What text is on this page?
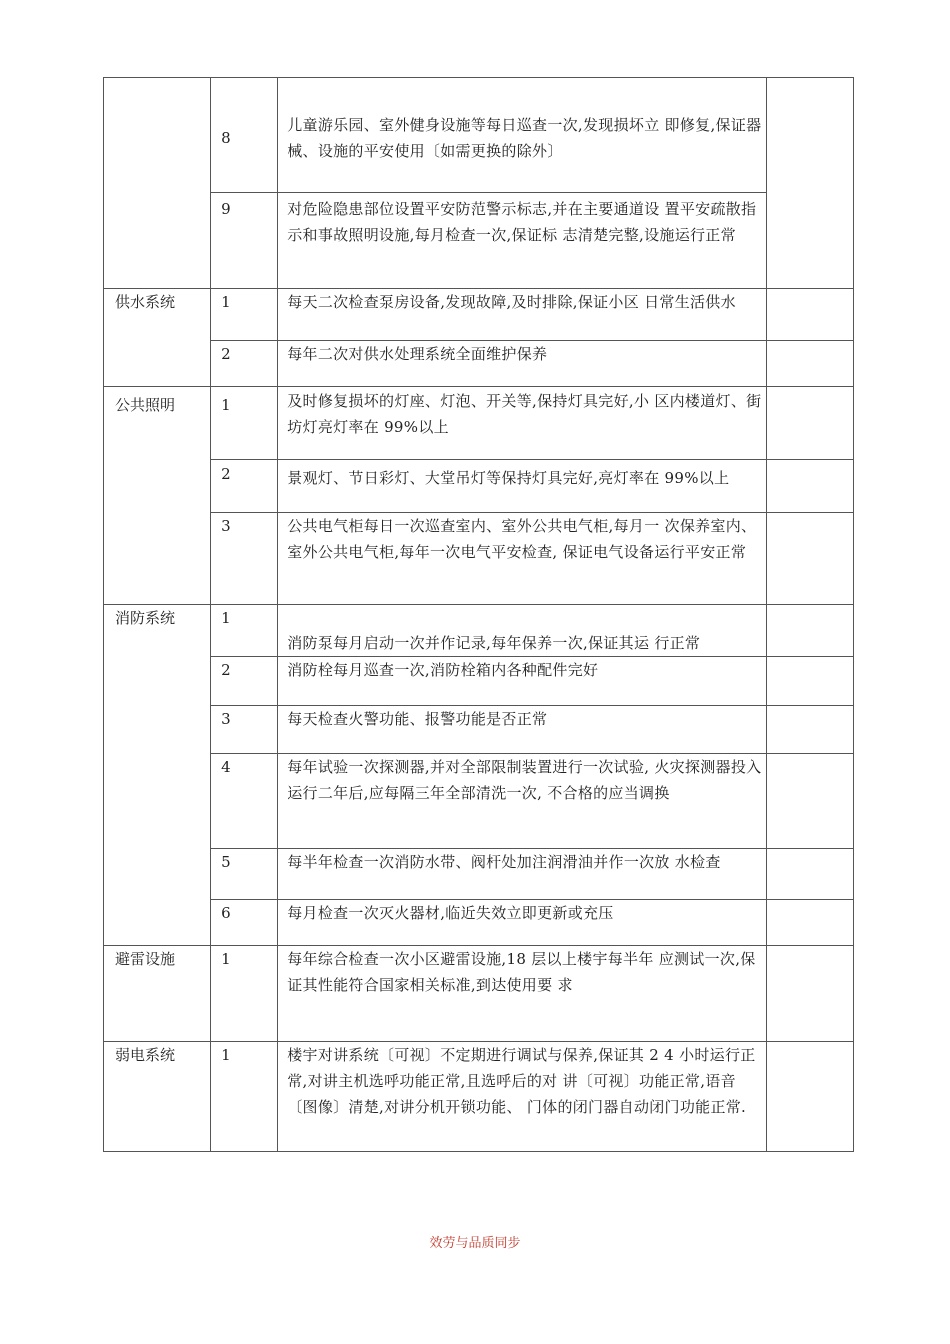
	8	儿童游乐园、室外健身设施等每日巡查一次,发现损坏立 即修复,保证器械、设施的平安使用〔如需更换的除外〕	

	9	对危险隐患部位设置平安防范警示标志,并在主要通道设 置平安疏散指示和事故照明设施,每月检查一次,保证标 志清楚完整,设施运行正常	

供水系统	1	每天二次检查泵房设备,发现故障,及时排除,保证小区 日常生活供水	

	2	每年二次对供水处理系统全面维护保养	

公共照明	1	及时修复损坏的灯座、灯泡、开关等,保持灯具完好,小 区内楼道灯、街坊灯亮灯率在 99%以上	

	2	景观灯、节日彩灯、大堂吊灯等保持灯具完好,亮灯率在 99%以上	

	3	公共电气柜每日一次巡查室内、室外公共电气柜,每月一 次保养室内、室外公共电气柜,每年一次电气平安检查, 保证电气设备运行平安正常	

消防系统	1	消防泵每月启动一次并作记录,每年保养一次,保证其运 行正常	

	2	消防栓每月巡查一次,消防栓箱内各种配件完好	

	3	每天检查火警功能、报警功能是否正常	

	4	每年试验一次探测器,并对全部限制装置进行一次试验, 火灾探测器投入运行二年后,应每隔三年全部清洗一次, 不合格的应当调换	

	5	每半年检查一次消防水带、阀杆处加注润滑油并作一次放 水检查	

	6	每月检查一次灭火器材,临近失效立即更新或充压	

避雷设施	1	每年综合检查一次小区避雷设施,18 层以上楼宇每半年 应测试一次,保证其性能符合国家相关标准,到达使用要 求	

弱电系统	1	楼宇对讲系统〔可视〕不定期进行调试与保养,保证其 2 4 小时运行正常,对讲主机选呼功能正常,且选呼后的对 讲〔可视〕功能正常,语音〔图像〕清楚,对讲分机开锁功能、 门体的闭门器自动闭门功能正常.	

效劳与品质同步
